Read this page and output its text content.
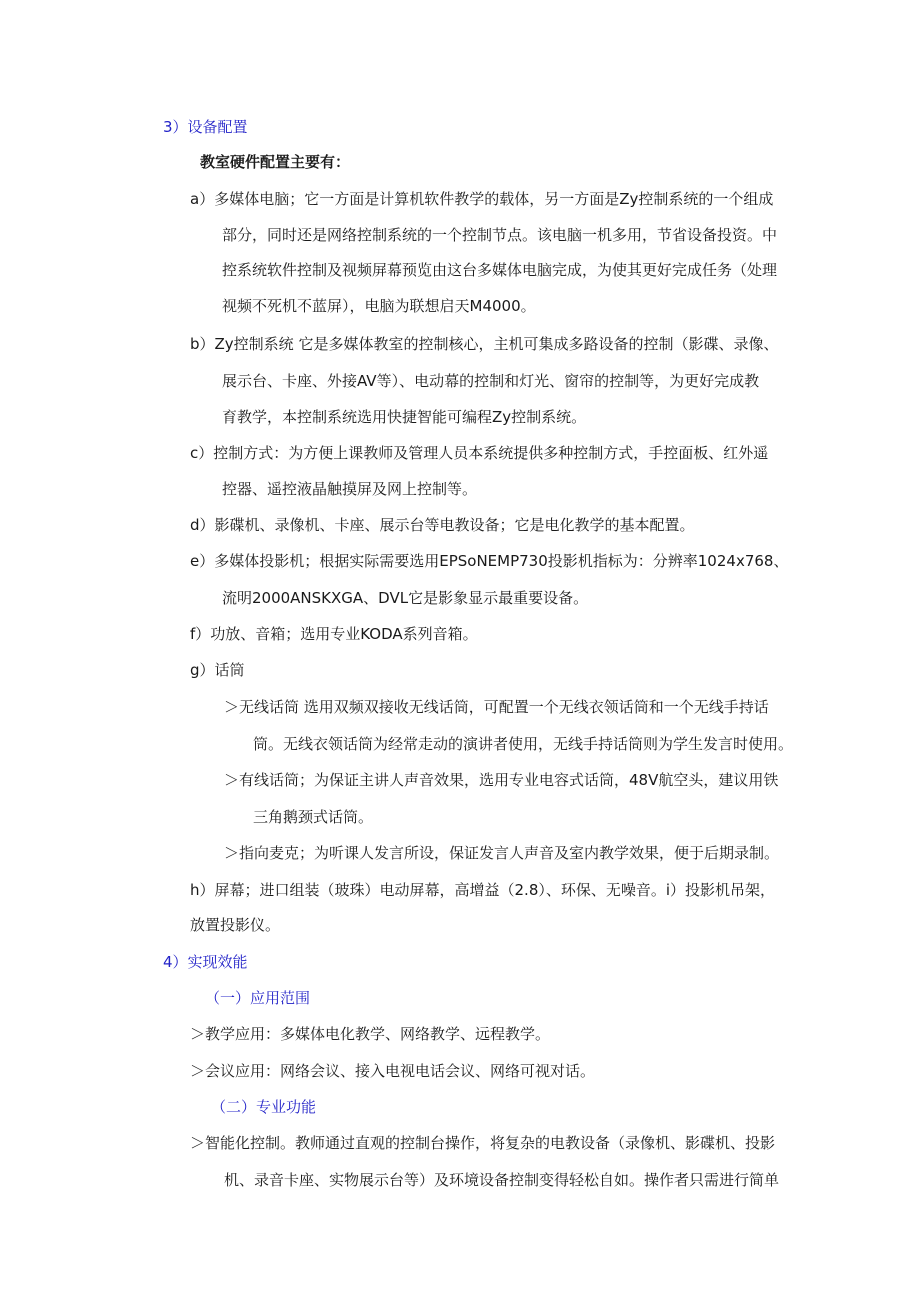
3）设备配置
教室硬件配置主要有：
a）多媒体电脑；它一方面是计算机软件教学的载体，另一方面是Zy控制系统的一个组成
部分，同时还是网络控制系统的一个控制节点。该电脑一机多用，节省设备投资。中
控系统软件控制及视频屏幕预览由这台多媒体电脑完成，为使其更好完成任务（处理
视频不死机不蓝屏），电脑为联想启天M4000。
b）Zy控制系统 它是多媒体教室的控制核心，主机可集成多路设备的控制（影碟、录像、
展示台、卡座、外接AV等）、电动幕的控制和灯光、窗帘的控制等，为更好完成教
育教学，本控制系统选用快捷智能可编程Zy控制系统。
c）控制方式：为方便上课教师及管理人员本系统提供多种控制方式，手控面板、红外遥
控器、遥控液晶触摸屏及网上控制等。
d）影碟机、录像机、卡座、展示台等电教设备；它是电化教学的基本配置。
e）多媒体投影机；根据实际需要选用EPSoNEMP730投影机指标为：分辨率1024x768、
流明2000ANSKXGA、DVL它是影象显示最重要设备。
f）功放、音箱；选用专业KODA系列音箱。
g）话筒
＞无线话筒 选用双频双接收无线话筒，可配置一个无线衣领话筒和一个无线手持话
筒。无线衣领话筒为经常走动的演讲者使用，无线手持话筒则为学生发言时使用。
＞有线话筒；为保证主讲人声音效果，选用专业电容式话筒，48V航空头，建议用铁
三角鹅颈式话筒。
＞指向麦克；为听课人发言所设，保证发言人声音及室内教学效果，便于后期录制。
h）屏幕；进口组装（玻珠）电动屏幕，高增益（2.8）、环保、无噪音。i）投影机吊架，
放置投影仪。
4）实现效能
（一）应用范围
＞教学应用：多媒体电化教学、网络教学、远程教学。
＞会议应用：网络会议、接入电视电话会议、网络可视对话。
（二）专业功能
＞智能化控制。教师通过直观的控制台操作，将复杂的电教设备（录像机、影碟机、投影
机、录音卡座、实物展示台等）及环境设备控制变得轻松自如。操作者只需进行简单
